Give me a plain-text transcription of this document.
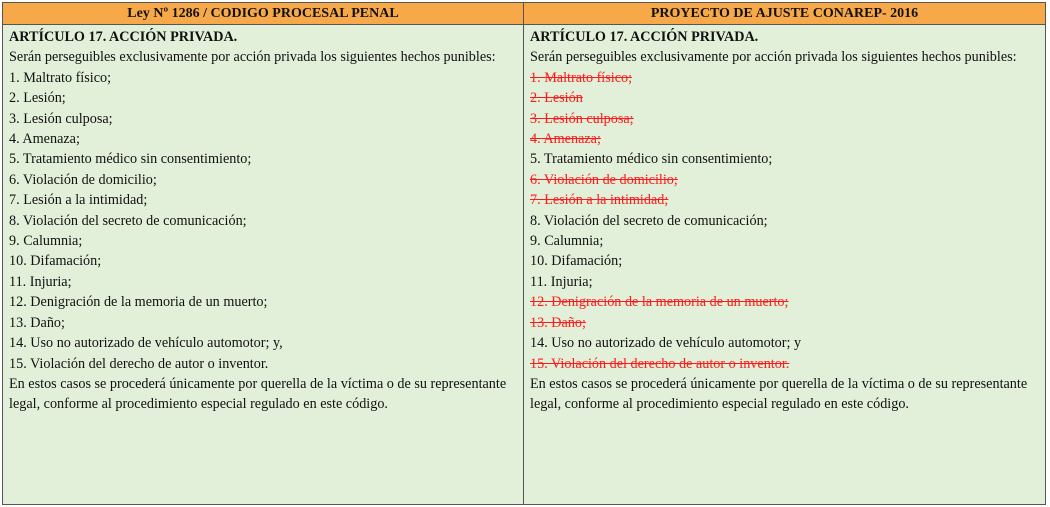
Ley Nº 1286 / CODIGO PROCESAL PENAL	PROYECTO DE AJUSTE CONAREP- 2016

ARTÍCULO 17. ACCIÓN PRIVADA.

Serán perseguibles exclusivamente por acción privada los siguientes hechos punibles:

1. Maltrato físico;

2. Lesión;

3. Lesión culposa;

4. Amenaza;

5. Tratamiento médico sin consentimiento;

6. Violación de domicilio;

7. Lesión a la intimidad;

8. Violación del secreto de comunicación;

9. Calumnia;

10. Difamación;

11. Injuria;

12. Denigración de la memoria de un muerto;

13. Daño;

14. Uso no autorizado de vehículo automotor; y,

15. Violación del derecho de autor o inventor.

En estos casos se procederá únicamente por querella de la víctima o de su representante legal, conforme al procedimiento especial regulado en este código.

ARTÍCULO 17. ACCIÓN PRIVADA.

Serán perseguibles exclusivamente por acción privada los siguientes hechos punibles:

1. Maltrato físico;

2. Lesión

3. Lesión culposa;

4. Amenaza;

5. Tratamiento médico sin consentimiento;

6. Violación de domicilio;

7. Lesión a la intimidad;

8. Violación del secreto de comunicación;

9. Calumnia;

10. Difamación;

11. Injuria;

12. Denigración de la memoria de un muerto;

13. Daño;

14. Uso no autorizado de vehículo automotor; y

15. Violación del derecho de autor o inventor.

En estos casos se procederá únicamente por querella de la víctima o de su representante legal, conforme al procedimiento especial regulado en este código.
